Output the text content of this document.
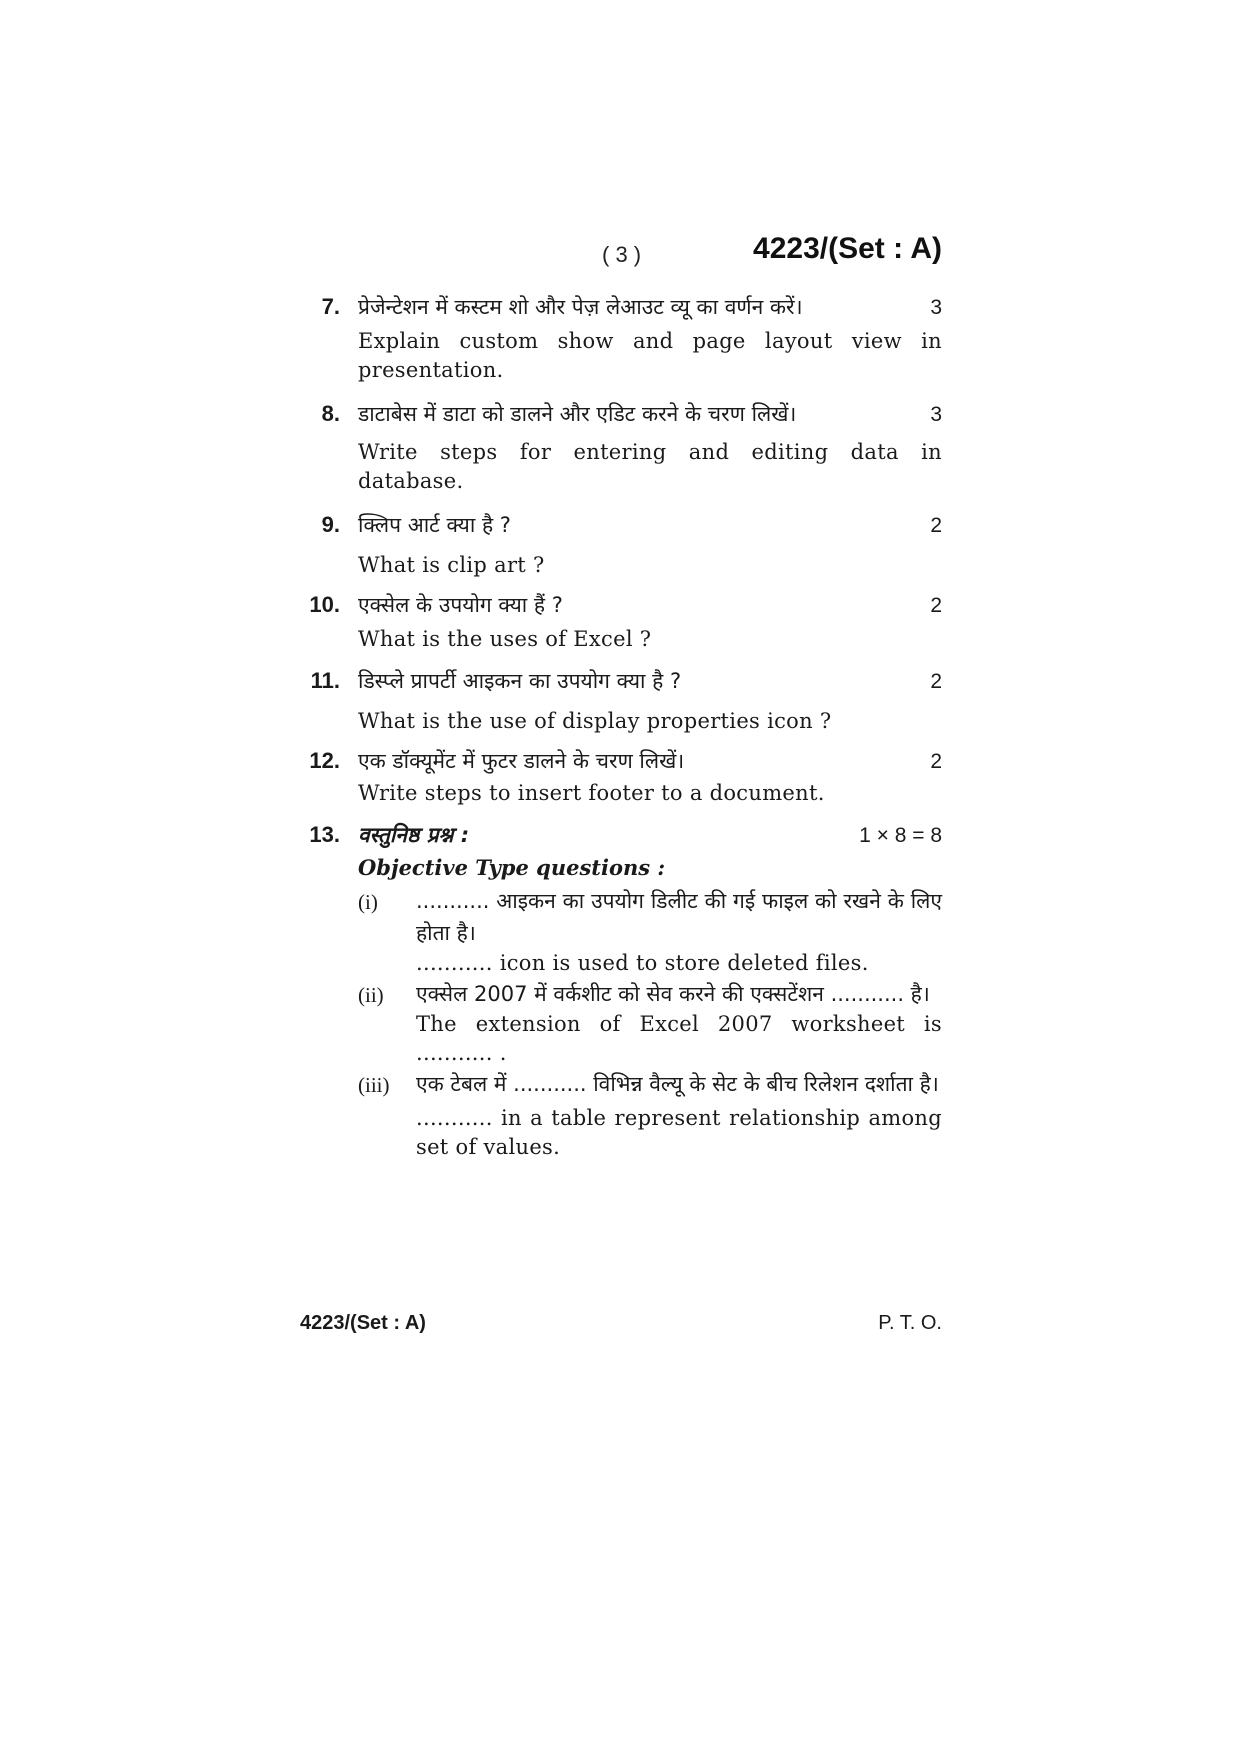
( 3 )	4223/(Set : A)
7. प्रेजेन्टेशन में कस्टम शो और पेज़ लेआउट व्यू का वर्णन करें।	3
Explain custom show and page layout view in presentation.
8. डाटाबेस में डाटा को डालने और एडिट करने के चरण लिखें।	3
Write steps for entering and editing data in database.
9. क्लिप आर्ट क्या है ?	2
What is clip art ?
10. एक्सेल के उपयोग क्या हैं ?	2
What is the uses of Excel ?
11. डिस्प्ले प्रापर्टी आइकन का उपयोग क्या है ?	2
What is the use of display properties icon ?
12. एक डॉक्यूमेंट में फुटर डालने के चरण लिखें।	2
Write steps to insert footer to a document.
13. वस्तुनिष्ठ प्रश्न :	1 × 8 = 8
Objective Type questions :
(i) ........... आइकन का उपयोग डिलीट की गई फाइल को रखने के लिए होता है।
........... icon is used to store deleted files.
(ii) एक्सेल 2007 में वर्कशीट को सेव करने की एक्सटेंशन ........... है।
The extension of Excel 2007 worksheet is ........... .
(iii) एक टेबल में ........... विभिन्न वैल्यू के सेट के बीच रिलेशन दर्शाता है।
........... in a table represent relationship among set of values.
4223/(Set : A)	P. T. O.
